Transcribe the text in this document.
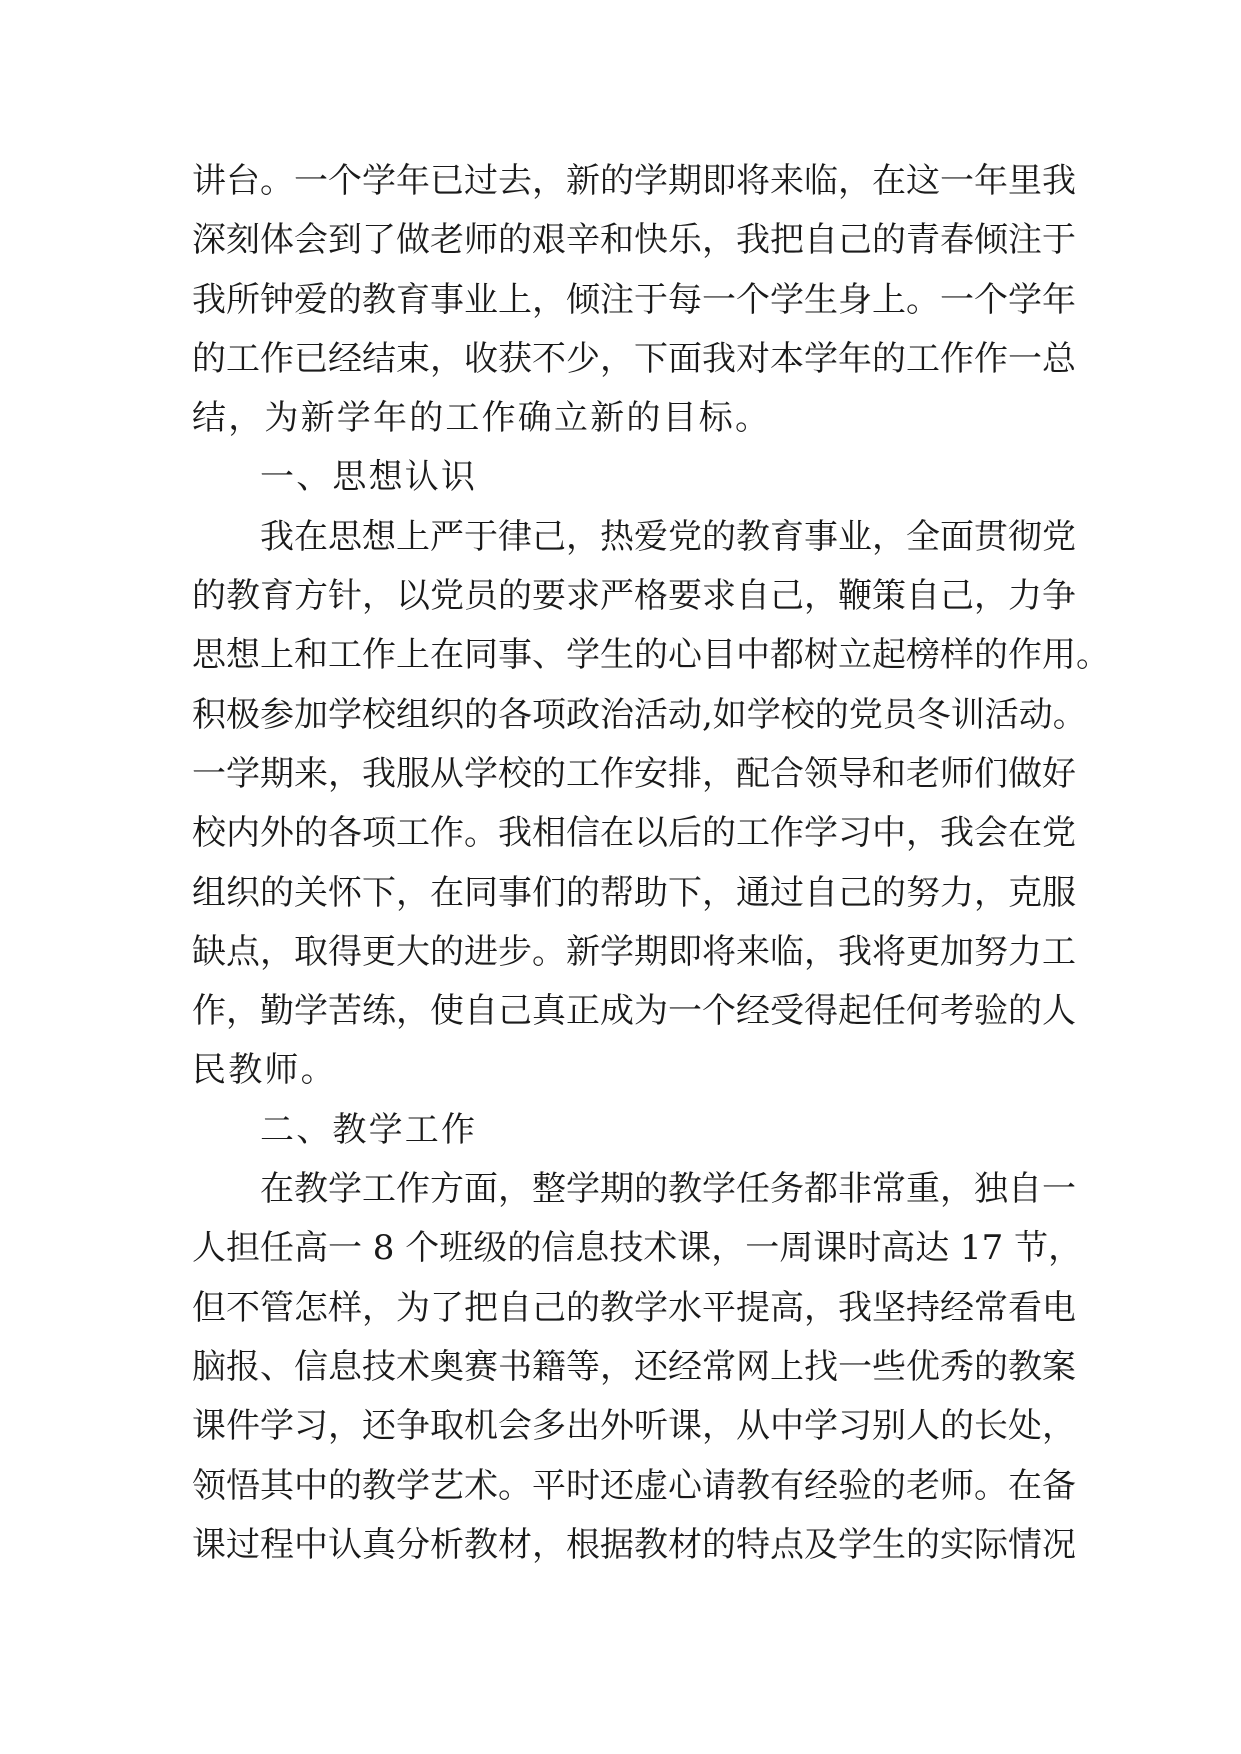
讲台。一个学年已过去，新的学期即将来临，在这一年里我
深刻体会到了做老师的艰辛和快乐，我把自己的青春倾注于
我所钟爱的教育事业上，倾注于每一个学生身上。一个学年
的工作已经结束，收获不少，下面我对本学年的工作作一总
结，为新学年的工作确立新的目标。
一、思想认识
我在思想上严于律己，热爱党的教育事业，全面贯彻党
的教育方针，以党员的要求严格要求自己，鞭策自己，力争
思想上和工作上在同事、学生的心目中都树立起榜样的作用。
积极参加学校组织的各项政治活动,如学校的党员冬训活动。
一学期来，我服从学校的工作安排，配合领导和老师们做好
校内外的各项工作。我相信在以后的工作学习中，我会在党
组织的关怀下，在同事们的帮助下，通过自己的努力，克服
缺点，取得更大的进步。新学期即将来临，我将更加努力工
作，勤学苦练，使自己真正成为一个经受得起任何考验的人
民教师。
二、教学工作
在教学工作方面，整学期的教学任务都非常重，独自一
人担任高一 8 个班级的信息技术课，一周课时高达 17 节，
但不管怎样，为了把自己的教学水平提高，我坚持经常看电
脑报、信息技术奥赛书籍等，还经常网上找一些优秀的教案
课件学习，还争取机会多出外听课，从中学习别人的长处，
领悟其中的教学艺术。平时还虚心请教有经验的老师。在备
课过程中认真分析教材，根据教材的特点及学生的实际情况
